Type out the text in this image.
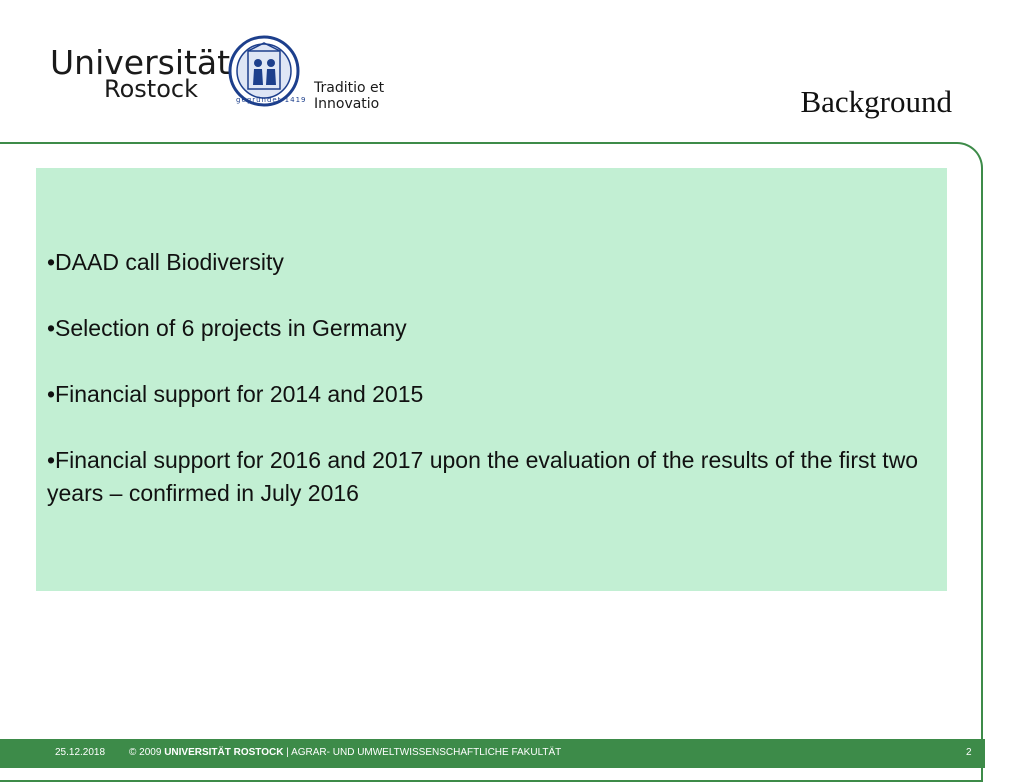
Universität
Rostock	gegründet 1419
Traditio et Innovatio	Background
•DAAD call Biodiversity
•Selection of 6 projects in Germany
•Financial support for 2014 and 2015
•Financial support for 2016 and 2017 upon the evaluation of the results of the first two years – confirmed in July 2016
25.12.2018 © 2009 UNIVERSITÄT ROSTOCK | AGRAR- UND UMWELTWISSENSCHAFTLICHE FAKULTÄT	2
